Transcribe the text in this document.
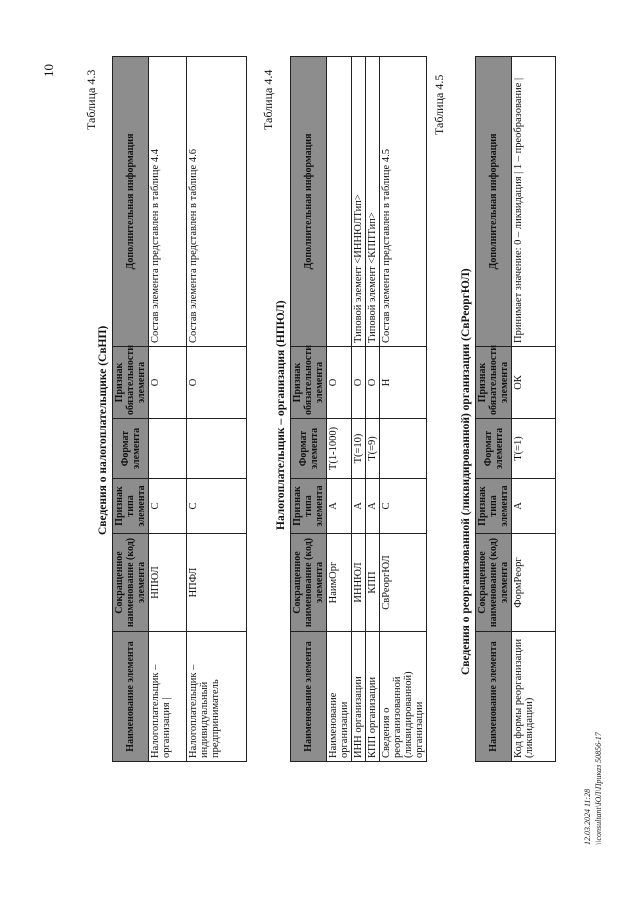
10 Таблица 4.3
Сведения о налогоплательщике (СвНП)
Наименование элемента	Сокращенное наименование (код) элемента	Признак типа элемента	Формат элемента	Признак обязательности элемента	Дополнительная информация
Налогоплательщик – организация |	НПЮЛ	С		О	Состав элемента представлен в таблице 4.4
Налогоплательщик – индивидуальный предприниматель	НПФЛ	С		О	Состав элемента представлен в таблице 4.6
Таблица 4.4
Налогоплательщик – организация (НПЮЛ)
Наименование элемента	Сокращенное наименование (код) элемента	Признак типа элемента	Формат элемента	Признак обязательности элемента	Дополнительная информация
Наименование организации	НаимОрг	А	T(1-1000)	О	
ИНН организации	ИННЮЛ	А	T(=10)	О	Типовой элемент <ИННЮЛТип>
КПП организации	КПП	А	T(=9)	О	Типовой элемент <КППТип>
Сведения о реорганизованной (ликвидированной) организации	СвРеоргЮЛ	С		Н	Состав элемента представлен в таблице 4.5
Таблица 4.5
Сведения о реорганизованной (ликвидированной) организации (СвРеоргЮЛ)
Наименование элемента	Сокращенное наименование (код) элемента	Признак типа элемента	Формат элемента	Признак обязательности элемента	Дополнительная информация
Код формы реорганизации (ликвидации)	ФормРеорг	А	T(=1)	ОК	Принимает значение: 0 – ликвидация | 1 – преобразование |
12.03.2024 11:28 \\consultant\ЮЛ\Приказ 50856-17
